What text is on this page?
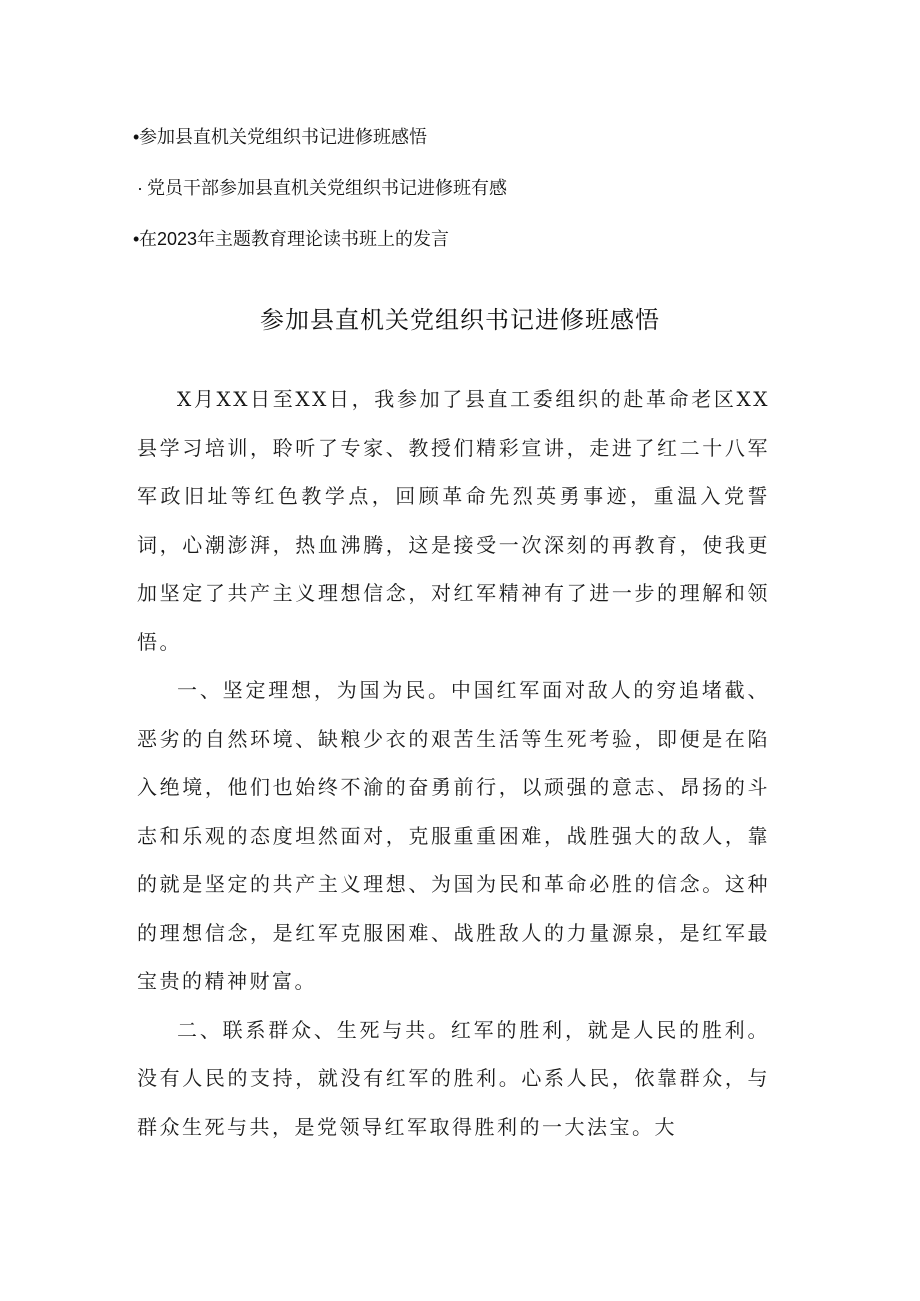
•参加县直机关党组织书记进修班感悟
· 党员干部参加县直机关党组织书记进修班有感
•在2023年主题教育理论读书班上的发言
参加县直机关党组织书记进修班感悟

X月XX日至XX日，我参加了县直工委组织的赴革命老区XX县学习培训，聆听了专家、教授们精彩宣讲，走进了红二十八军军政旧址等红色教学点，回顾革命先烈英勇事迹，重温入党誓词，心潮澎湃，热血沸腾，这是接受一次深刻的再教育，使我更加坚定了共产主义理想信念，对红军精神有了进一步的理解和领悟。

一、坚定理想，为国为民。中国红军面对敌人的穷追堵截、恶劣的自然环境、缺粮少衣的艰苦生活等生死考验，即便是在陷入绝境，他们也始终不渝的奋勇前行，以顽强的意志、昂扬的斗志和乐观的态度坦然面对，克服重重困难，战胜强大的敌人，靠的就是坚定的共产主义理想、为国为民和革命必胜的信念。这种的理想信念，是红军克服困难、战胜敌人的力量源泉，是红军最宝贵的精神财富。

二、联系群众、生死与共。红军的胜利，就是人民的胜利。没有人民的支持，就没有红军的胜利。心系人民，依靠群众，与群众生死与共，是党领导红军取得胜利的一大法宝。大
